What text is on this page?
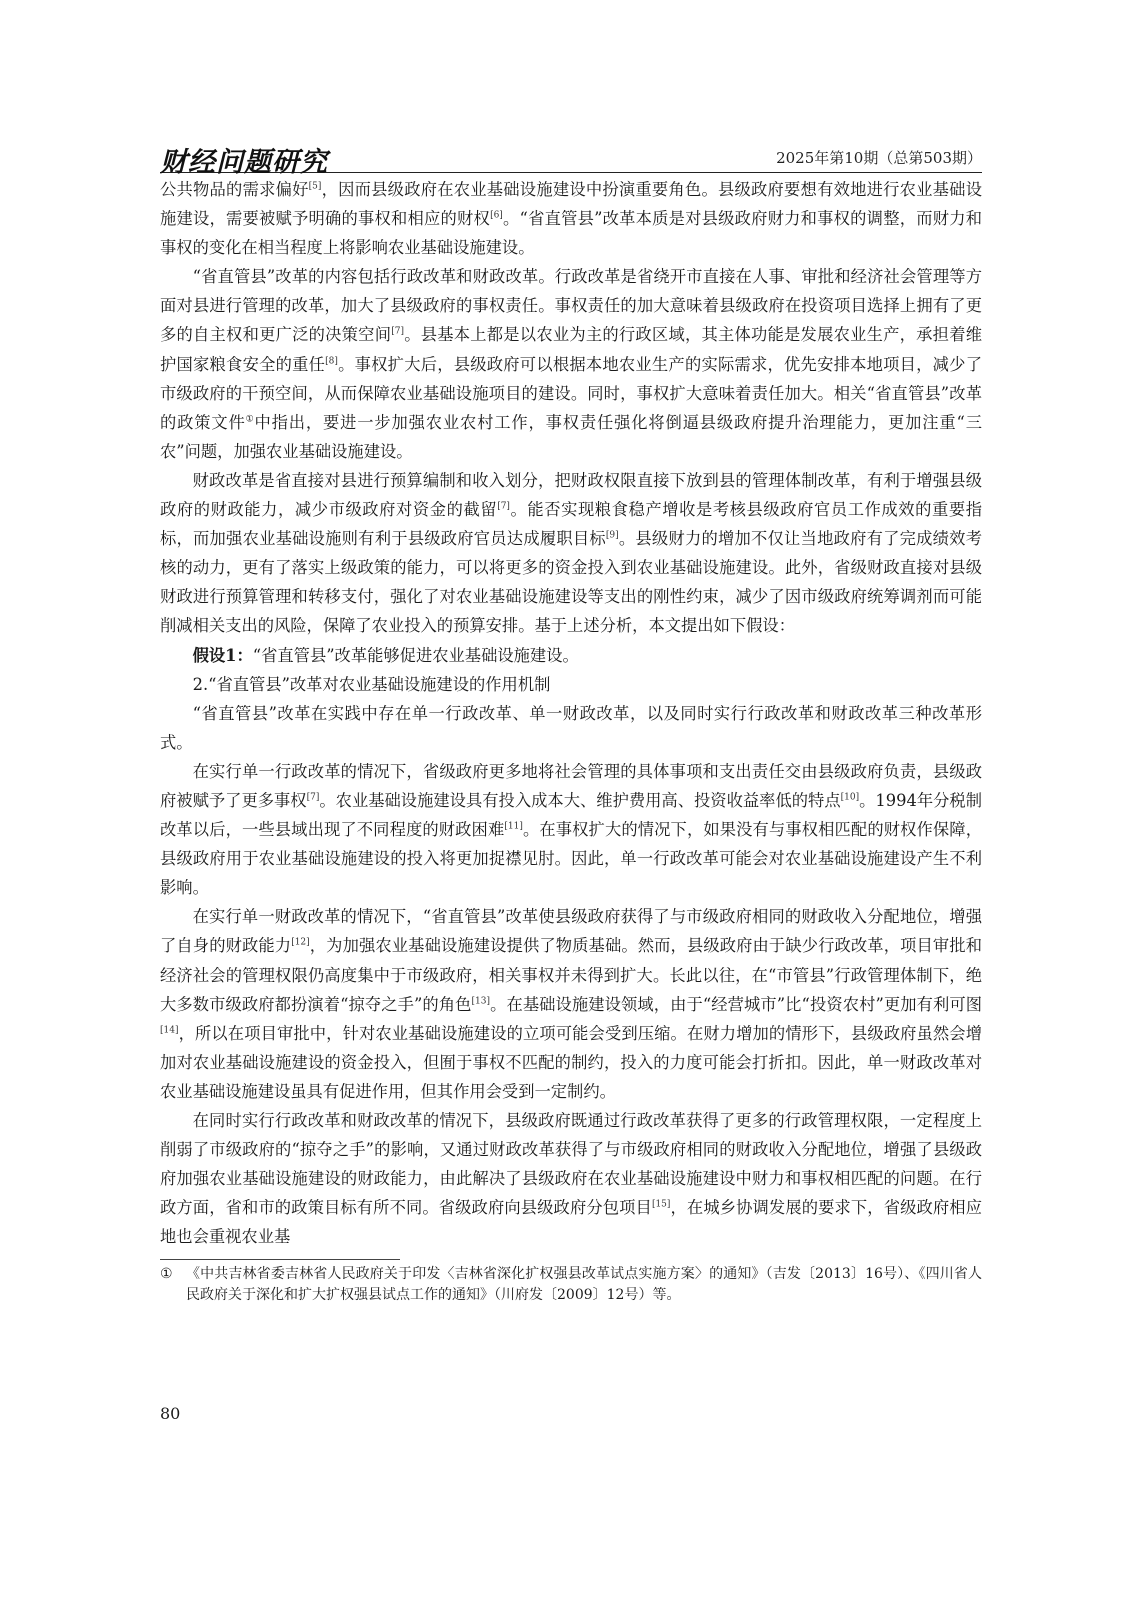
财经问题研究	2025年第10期（总第503期）

公共物品的需求偏好[5]，因而县级政府在农业基础设施建设中扮演重要角色。县级政府要想有效地进行农业基础设施建设，需要被赋予明确的事权和相应的财权[6]。“省直管县”改革本质是对县级政府财力和事权的调整，而财力和事权的变化在相当程度上将影响农业基础设施建设。

“省直管县”改革的内容包括行政改革和财政改革。行政改革是省绕开市直接在人事、审批和经济社会管理等方面对县进行管理的改革，加大了县级政府的事权责任。事权责任的加大意味着县级政府在投资项目选择上拥有了更多的自主权和更广泛的决策空间[7]。县基本上都是以农业为主的行政区域，其主体功能是发展农业生产，承担着维护国家粮食安全的重任[8]。事权扩大后，县级政府可以根据本地农业生产的实际需求，优先安排本地项目，减少了市级政府的干预空间，从而保障农业基础设施项目的建设。同时，事权扩大意味着责任加大。相关“省直管县”改革的政策文件①中指出，要进一步加强农业农村工作，事权责任强化将倒逼县级政府提升治理能力，更加注重“三农”问题，加强农业基础设施建设。

财政改革是省直接对县进行预算编制和收入划分，把财政权限直接下放到县的管理体制改革，有利于增强县级政府的财政能力，减少市级政府对资金的截留[7]。能否实现粮食稳产增收是考核县级政府官员工作成效的重要指标，而加强农业基础设施则有利于县级政府官员达成履职目标[9]。县级财力的增加不仅让当地政府有了完成绩效考核的动力，更有了落实上级政策的能力，可以将更多的资金投入到农业基础设施建设。此外，省级财政直接对县级财政进行预算管理和转移支付，强化了对农业基础设施建设等支出的刚性约束，减少了因市级政府统筹调剂而可能削减相关支出的风险，保障了农业投入的预算安排。基于上述分析，本文提出如下假设：

假设1：“省直管县”改革能够促进农业基础设施建设。

2.“省直管县”改革对农业基础设施建设的作用机制

“省直管县”改革在实践中存在单一行政改革、单一财政改革，以及同时实行行政改革和财政改革三种改革形式。

在实行单一行政改革的情况下，省级政府更多地将社会管理的具体事项和支出责任交由县级政府负责，县级政府被赋予了更多事权[7]。农业基础设施建设具有投入成本大、维护费用高、投资收益率低的特点[10]。1994年分税制改革以后，一些县域出现了不同程度的财政困难[11]。在事权扩大的情况下，如果没有与事权相匹配的财权作保障，县级政府用于农业基础设施建设的投入将更加捉襟见肘。因此，单一行政改革可能会对农业基础设施建设产生不利影响。

在实行单一财政改革的情况下，“省直管县”改革使县级政府获得了与市级政府相同的财政收入分配地位，增强了自身的财政能力[12]，为加强农业基础设施建设提供了物质基础。然而，县级政府由于缺少行政改革，项目审批和经济社会的管理权限仍高度集中于市级政府，相关事权并未得到扩大。长此以往，在“市管县”行政管理体制下，绝大多数市级政府都扮演着“掠夺之手”的角色[13]。在基础设施建设领域，由于“经营城市”比“投资农村”更加有利可图[14]，所以在项目审批中，针对农业基础设施建设的立项可能会受到压缩。在财力增加的情形下，县级政府虽然会增加对农业基础设施建设的资金投入，但囿于事权不匹配的制约，投入的力度可能会打折扣。因此，单一财政改革对农业基础设施建设虽具有促进作用，但其作用会受到一定制约。

在同时实行行政改革和财政改革的情况下，县级政府既通过行政改革获得了更多的行政管理权限，一定程度上削弱了市级政府的“掠夺之手”的影响，又通过财政改革获得了与市级政府相同的财政收入分配地位，增强了县级政府加强农业基础设施建设的财政能力，由此解决了县级政府在农业基础设施建设中财力和事权相匹配的问题。在行政方面，省和市的政策目标有所不同。省级政府向县级政府分包项目[15]，在城乡协调发展的要求下，省级政府相应地也会重视农业基

① 《中共吉林省委吉林省人民政府关于印发〈吉林省深化扩权强县改革试点实施方案〉的通知》（吉发〔2013〕16号）、《四川省人民政府关于深化和扩大扩权强县试点工作的通知》（川府发〔2009〕12号）等。
80
